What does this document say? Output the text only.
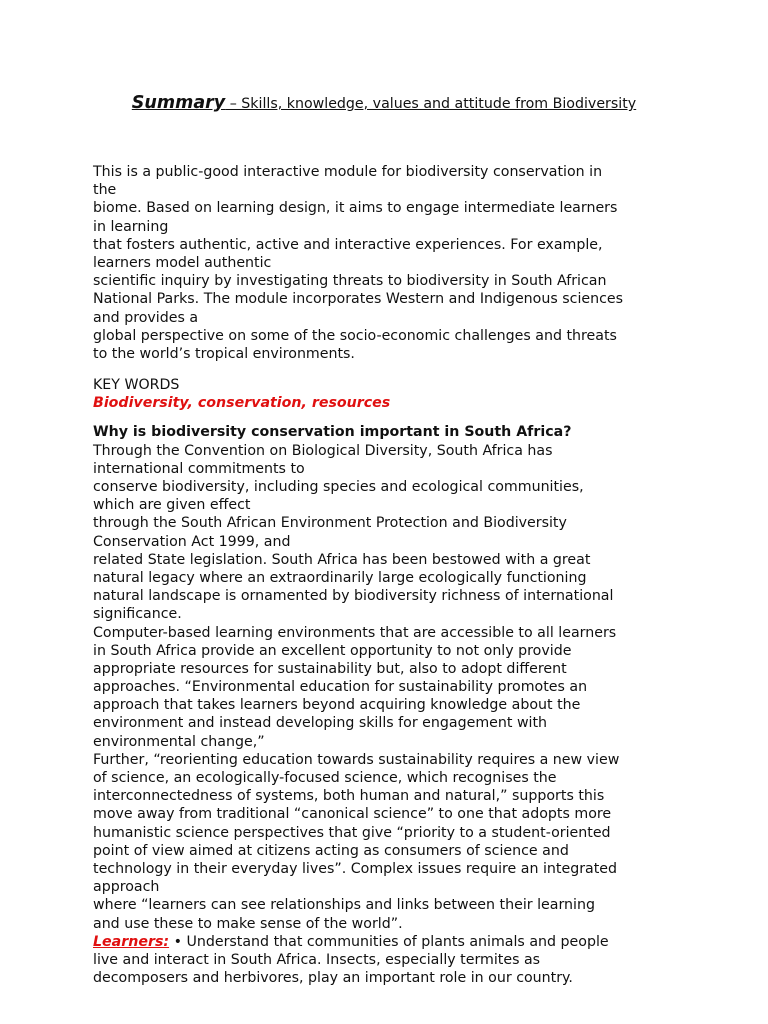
Summary – Skills, knowledge, values and attitude from Biodiversity
This is a public-good interactive module for biodiversity conservation in
the
biome. Based on learning design, it aims to engage intermediate learners
in learning
that fosters authentic, active and interactive experiences. For example,
learners model authentic
scientific inquiry by investigating threats to biodiversity in South African
National Parks. The module incorporates Western and Indigenous sciences
and provides a
global perspective on some of the socio-economic challenges and threats
to the world’s tropical environments.
KEY WORDS
Biodiversity, conservation, resources
Why is biodiversity conservation important in South Africa?
Through the Convention on Biological Diversity, South Africa has
international commitments to
conserve biodiversity, including species and ecological communities,
which are given effect
through the South African Environment Protection and Biodiversity
Conservation Act 1999, and
related State legislation. South Africa has been bestowed with a great
natural legacy where an extraordinarily large ecologically functioning
natural landscape is ornamented by biodiversity richness of international
significance.
Computer-based learning environments that are accessible to all learners
in South Africa provide an excellent opportunity to not only provide
appropriate resources for sustainability but, also to adopt different
approaches. “Environmental education for sustainability promotes an
approach that takes learners beyond acquiring knowledge about the
environment and instead developing skills for engagement with
environmental change,”
Further, “reorienting education towards sustainability requires a new view
of science, an ecologically-focused science, which recognises the
interconnectedness of systems, both human and natural,” supports this
move away from traditional “canonical science” to one that adopts more
humanistic science perspectives that give “priority to a student-oriented
point of view aimed at citizens acting as consumers of science and
technology in their everyday lives”. Complex issues require an integrated
approach
where “learners can see relationships and links between their learning
and use these to make sense of the world”.
Learners: • Understand that communities of plants animals and people
live and interact in South Africa. Insects, especially termites as
decomposers and herbivores, play an important role in our country.
